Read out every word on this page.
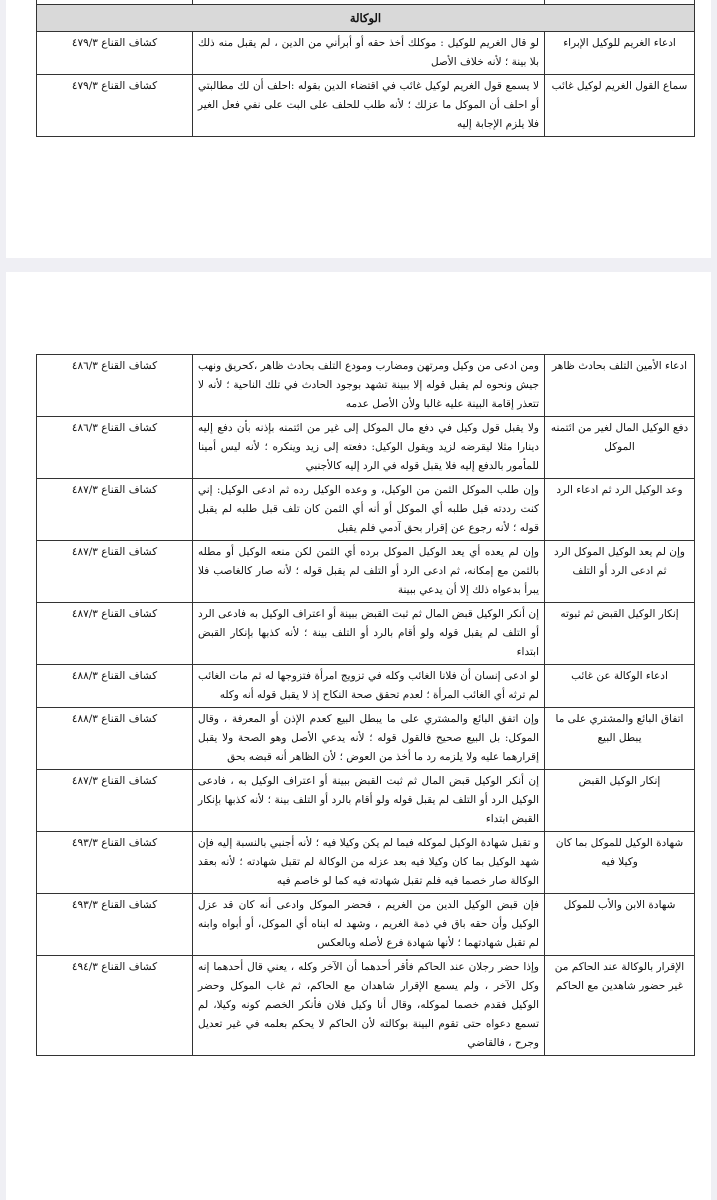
الوكالة		
ادعاء الغريم للوكيل الإبراء	لو قال الغريم للوكيل : موكلك أخذ حقه أو أبرأني من الدين ، لم يقبل منه ذلك بلا بينة ؛ لأنه خلاف الأصل	كشاف القناع ٤٧٩/٣
سماع القول الغريم لوكيل غائب	لا يسمع قول الغريم لوكيل غائب في اقتضاء الدين بقوله :احلف أن لك مطالبتي أو احلف أن الموكل ما عزلك ؛ لأنه طلب للحلف على البت على نفي فعل الغير فلا يلزم الإجابة إليه	كشاف القناع ٤٧٩/٣
ادعاء الأمين التلف بحادث ظاهر	ومن ادعى من وكيل ومرتهن ومضارب ومودع التلف بحادث ظاهر ،كحريق ونهب جيش ونحوه لم يقبل قوله إلا ببينة تشهد بوجود الحادث في تلك الناحية ؛ لأنه لا تتعذر إقامة البينة عليه غالبا ولأن الأصل عدمه	كشاف القناع ٤٨٦/٣
دفع الوكيل المال لغير من ائتمنه الموكل	ولا يقبل قول وكيل في دفع مال الموكل إلى غير من ائتمنه بإذنه بأن دفع إليه دينارا مثلا ليقرضه لزيد ويقول الوكيل: دفعته إلى زيد وينكره ؛ لأنه ليس أمينا للمأمور بالدفع إليه فلا يقبل قوله في الرد إليه كالأجنبي	كشاف القناع ٤٨٦/٣
وعد الوكيل الرد ثم ادعاء الرد	وإن طلب الموكل الثمن من الوكيل، و وعده الوكيل رده ثم ادعى الوكيل: إني كنت رددته قبل طلبه أي الموكل أو أنه أي الثمن كان تلف قبل طلبه لم يقبل قوله ؛ لأنه رجوع عن إقرار بحق آدمي فلم يقبل	كشاف القناع ٤٨٧/٣
وإن لم يعد الوكيل الموكل الرد ثم ادعى الرد أو التلف	وإن لم يعده أي يعد الوكيل الموكل برده أي الثمن لكن منعه الوكيل أو مطله بالثمن مع إمكانه، ثم ادعى الرد أو التلف لم يقبل قوله ؛ لأنه صار كالغاصب فلا يبرأ بدعواه ذلك إلا أن يدعي ببينة	كشاف القناع ٤٨٧/٣
إنكار الوكيل القبض ثم ثبوته	إن أنكر الوكيل قبض المال ثم ثبت القبض ببينة أو اعتراف الوكيل به فادعى الرد أو التلف لم يقبل قوله ولو أقام بالرد أو التلف بينة ؛ لأنه كذبها بإنكار القبض ابتداء	كشاف القناع ٤٨٧/٣
ادعاء الوكالة عن غائب	لو ادعى إنسان أن فلانا الغائب وكله في تزويج امرأة فتزوجها له ثم مات الغائب لم ترثه أي الغائب المرأة ؛ لعدم تحقق صحة النكاح إذ لا يقبل قوله أنه وكله	كشاف القناع ٤٨٨/٣
اتفاق البائع والمشتري على ما يبطل البيع	وإن اتفق البائع والمشتري على ما يبطل البيع كعدم الإذن أو المعرفة ، وقال الموكل: بل البيع صحيح فالقول قوله ؛ لأنه يدعي الأصل وهو الصحة ولا يقبل إقرارهما عليه ولا يلزمه رد ما أخذ من العوض ؛ لأن الظاهر أنه قبضه بحق	كشاف القناع ٤٨٨/٣
إنكار الوكيل القبض	إن أنكر الوكيل قبض المال ثم ثبت القبض ببينة أو اعتراف الوكيل به ، فادعى الوكيل الرد أو التلف لم يقبل قوله ولو أقام بالرد أو التلف بينة ؛ لأنه كذبها بإنكار القبض ابتداء	كشاف القناع ٤٨٧/٣
شهادة الوكيل للموكل بما كان وكيلا فيه	و تقبل شهادة الوكيل لموكله فيما لم يكن وكيلا فيه ؛ لأنه أجنبي بالنسبة إليه فإن شهد الوكيل بما كان وكيلا فيه بعد عزله من الوكالة لم تقبل شهادته ؛ لأنه بعقد الوكالة صار خصما فيه فلم تقبل شهادته فيه كما لو خاصم فيه	كشاف القناع ٤٩٣/٣
شهادة الابن والأب للموكل	فإن قبض الوكيل الدين من الغريم ، فحضر الموكل وادعى أنه كان قد عزل الوكيل وأن حقه باق في ذمة الغريم ، وشهد له ابناه أي الموكل، أو أبواه وابنه لم تقبل شهادتهما ؛ لأنها شهادة فرع لأصله وبالعكس	كشاف القناع ٤٩٣/٣
الإقرار بالوكالة عند الحاكم من غير حضور شاهدين مع الحاكم	وإذا حضر رجلان عند الحاكم فأقر أحدهما أن الآخر وكله ، يعني قال أحدهما إنه وكل الآخر ، ولم يسمع الإقرار شاهدان مع الحاكم، ثم غاب الموكل وحضر الوكيل فقدم خصما لموكله، وقال أنا وكيل فلان فأنكر الخصم كونه وكيلا، لم تسمع دعواه حتى تقوم البينة بوكالته لأن الحاكم لا يحكم بعلمه في غير تعديل وجرح ، فالقاضي	كشاف القناع ٤٩٤/٣
